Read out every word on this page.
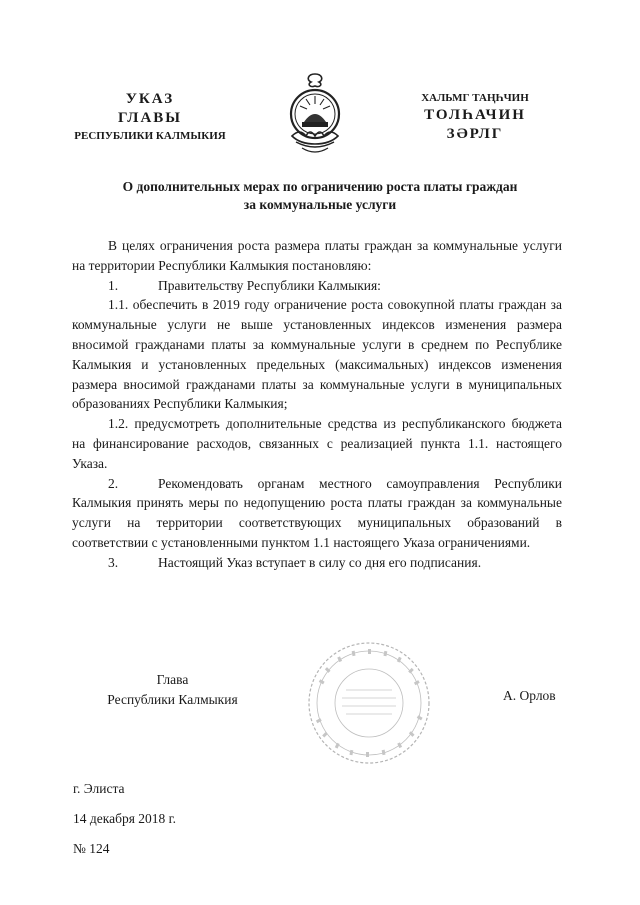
УКАЗ
ГЛАВЫ
РЕСПУБЛИКИ КАЛМЫКИЯ
ХАЛЬМГ ТАҢҺЧИН
ТОЛҺАЧИН
ЗӘРЛГ
О дополнительных мерах по ограничению роста платы граждан
за коммунальные услуги

В целях ограничения роста размера платы граждан за коммунальные услуги на территории Республики Калмыкия постановляю:

1.	Правительству Республики Калмыкия:

1.1. обеспечить в 2019 году ограничение роста совокупной платы граждан за коммунальные услуги не выше установленных индексов изменения размера вносимой гражданами платы за коммунальные услуги в среднем по Республике Калмыкия и установленных предельных (максимальных) индексов изменения размера вносимой гражданами платы за коммунальные услуги в муниципальных образованиях Республики Калмыкия;

1.2. предусмотреть дополнительные средства из республиканского бюджета на финансирование расходов, связанных с реализацией пункта 1.1. настоящего Указа.

2.	Рекомендовать органам местного самоуправления Республики Калмыкия принять меры по недопущению роста платы граждан за коммунальные услуги на территории соответствующих муниципальных образований в соответствии с установленными пунктом 1.1 настоящего Указа ограничениями.

3.	Настоящий Указ вступает в силу со дня его подписания.

Глава
Республики Калмыкия	А. Орлов
г. Элиста
14 декабря 2018 г.
№ 124
